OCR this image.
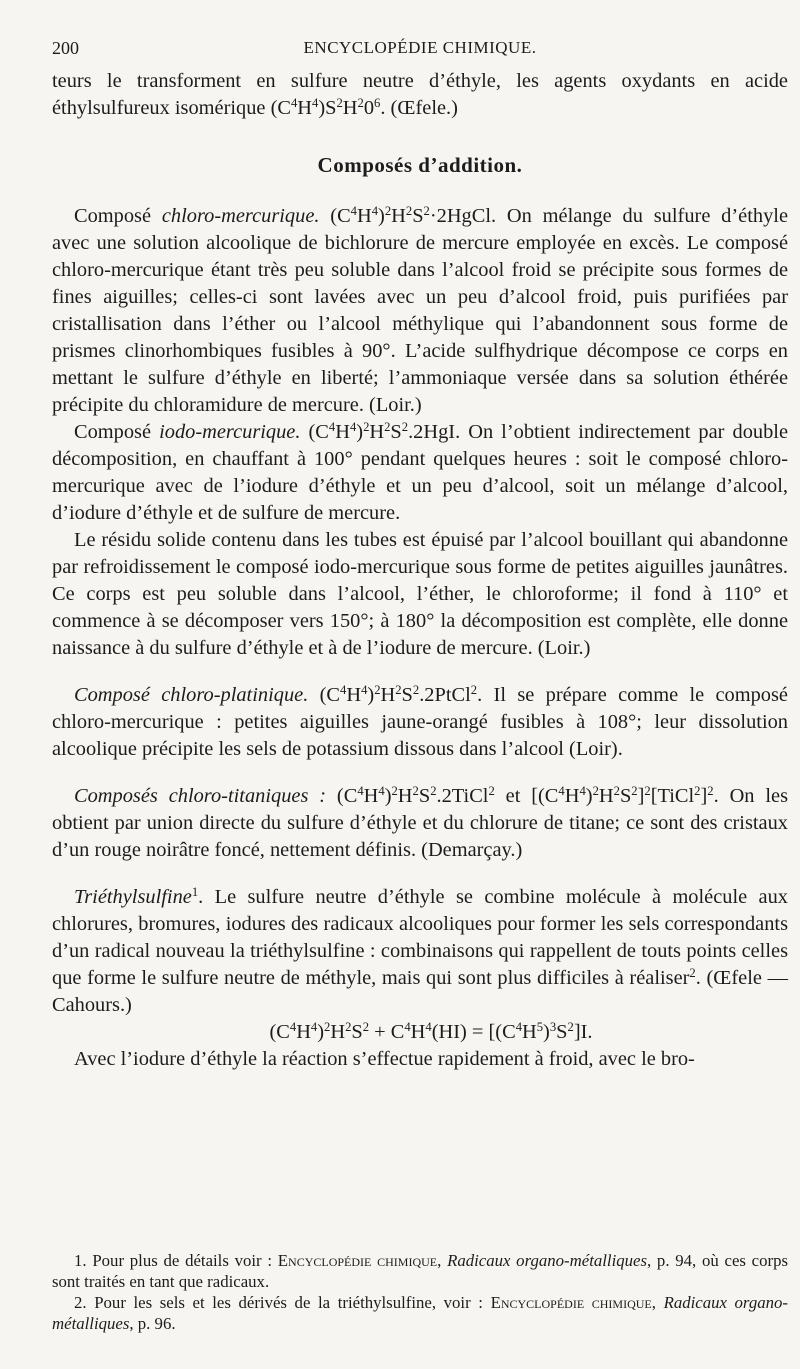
200	ENCYCLOPÉDIE CHIMIQUE.

teurs le transforment en sulfure neutre d’éthyle, les agents oxydants en acide éthylsulfureux isomérique $(C^4H^4)S^2H^20^6$. (Œfele.)

Composés d’addition.

Composé chloro-mercurique. $(C^4H^4)^2H^2S^2\cdot 2HgCl$. On mélange du sulfure d’éthyle avec une solution alcoolique de bichlorure de mercure employée en excès. Le composé chloro-mercurique étant très peu soluble dans l’alcool froid se précipite sous formes de fines aiguilles; celles-ci sont lavées avec un peu d’alcool froid, puis purifiées par cristallisation dans l’éther ou l’alcool méthylique qui l’abandonnent sous forme de prismes clinorhombiques fusibles à 90°. L’acide sulfhydrique décompose ce corps en mettant le sulfure d’éthyle en liberté; l’ammoniaque versée dans sa solution éthérée précipite du chloramidure de mercure. (Loir.)

Composé iodo-mercurique. $(C^4H^4)^2H^2S^2.2HgI$. On l’obtient indirectement par double décomposition, en chauffant à 100° pendant quelques heures : soit le composé chloro-mercurique avec de l’iodure d’éthyle et un peu d’alcool, soit un mélange d’alcool, d’iodure d’éthyle et de sulfure de mercure.

Le résidu solide contenu dans les tubes est épuisé par l’alcool bouillant qui abandonne par refroidissement le composé iodo-mercurique sous forme de petites aiguilles jaunâtres. Ce corps est peu soluble dans l’alcool, l’éther, le chloroforme; il fond à 110° et commence à se décomposer vers 150°; à 180° la décomposition est complète, elle donne naissance à du sulfure d’éthyle et à de l’iodure de mercure. (Loir.)

Composé chloro-platinique. $(C^4H^4)^2H^2S^2.2PtCl^2$. Il se prépare comme le composé chloro-mercurique : petites aiguilles jaune-orangé fusibles à 108°; leur dissolution alcoolique précipite les sels de potassium dissous dans l’alcool (Loir).

Composés chloro-titaniques : $(C^4H^4)^2H^2S^2.2TiCl^2$ et $[(C^4H^4)^2H^2S^2]^2[TiCl^2]^2$. On les obtient par union directe du sulfure d’éthyle et du chlorure de titane; ce sont des cristaux d’un rouge noirâtre foncé, nettement définis. (Demarçay.)

Triéthylsulfine$^1$. Le sulfure neutre d’éthyle se combine molécule à molécule aux chlorures, bromures, iodures des radicaux alcooliques pour former les sels correspondants d’un radical nouveau la triéthylsulfine : combinaisons qui rappellent de touts points celles que forme le sulfure neutre de méthyle, mais qui sont plus difficiles à réaliser$^2$. (Œfele — Cahours.)

$(C^4H^4)^2H^2S^2 + C^4H^4(HI) = [(C^4H^5)^3S^2]I$.

Avec l’iodure d’éthyle la réaction s’effectue rapidement à froid, avec le bro-

1. Pour plus de détails voir : Encyclopédie chimique, Radicaux organo-métalliques, p. 94, où ces corps sont traités en tant que radicaux.

2. Pour les sels et les dérivés de la triéthylsulfine, voir : Encyclopédie chimique, Radicaux organo-métalliques, p. 96.
